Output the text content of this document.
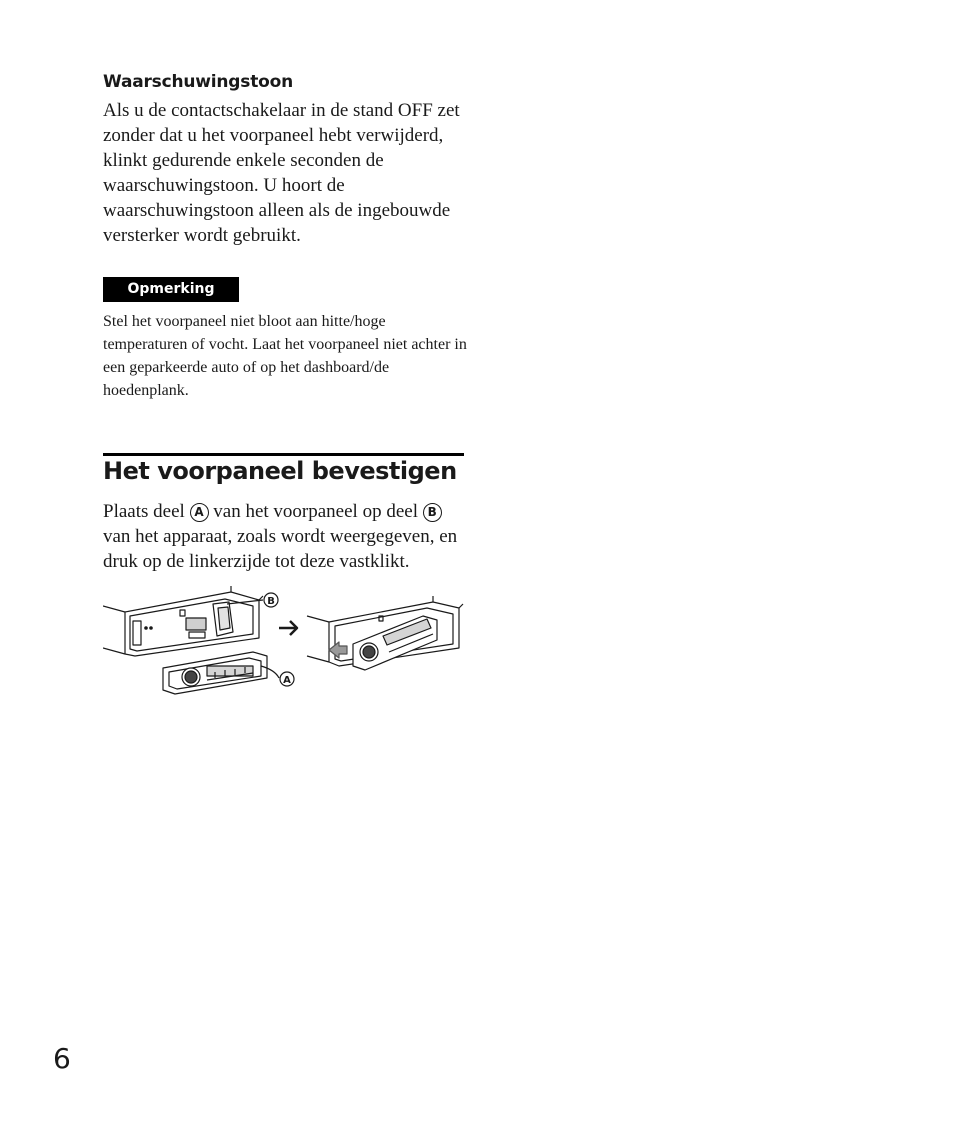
Waarschuwingstoon

Als u de contactschakelaar in de stand OFF zet zonder dat u het voorpaneel hebt verwijderd, klinkt gedurende enkele seconden de waarschuwingstoon. U hoort de waarschuwingstoon alleen als de ingebouwde versterker wordt gebruikt.

Opmerking

Stel het voorpaneel niet bloot aan hitte/hoge temperaturen of vocht. Laat het voorpaneel niet achter in een geparkeerde auto of op het dashboard/de hoedenplank.

Het voorpaneel bevestigen

Plaats deel A van het voorpaneel op deel B van het apparaat, zoals wordt weergegeven, en druk op de linkerzijde tot deze vastklikt.

B
A
6
